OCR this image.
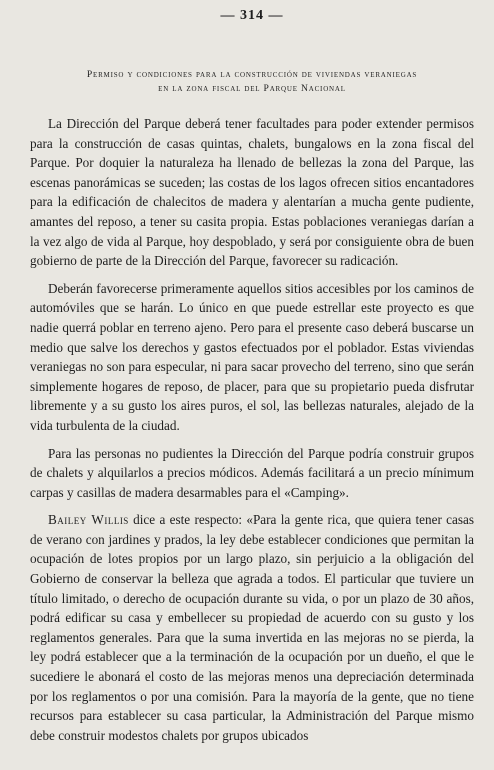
— 314 —
Permiso y condiciones para la construcción de viviendas veraniegas
en la zona fiscal del Parque Nacional

La Dirección del Parque deberá tener facultades para poder extender permisos para la construcción de casas quintas, chalets, bungalows en la zona fiscal del Parque. Por doquier la naturaleza ha llenado de bellezas la zona del Parque, las escenas panorámicas se suceden; las costas de los lagos ofrecen sitios encantadores para la edificación de chalecitos de madera y alentarían a mucha gente pudiente, amantes del reposo, a tener su casita propia. Estas poblaciones veraniegas darían a la vez algo de vida al Parque, hoy despoblado, y será por consiguiente obra de buen gobierno de parte de la Dirección del Parque, favorecer su radicación.

Deberán favorecerse primeramente aquellos sitios accesibles por los caminos de automóviles que se harán. Lo único en que puede estrellar este proyecto es que nadie querrá poblar en terreno ajeno. Pero para el presente caso deberá buscarse un medio que salve los derechos y gastos efectuados por el poblador. Estas viviendas veraniegas no son para especular, ni para sacar provecho del terreno, sino que serán simplemente hogares de reposo, de placer, para que su propietario pueda disfrutar libremente y a su gusto los aires puros, el sol, las bellezas naturales, alejado de la vida turbulenta de la ciudad.

Para las personas no pudientes la Dirección del Parque podría construir grupos de chalets y alquilarlos a precios módicos. Además facilitará a un precio mínimum carpas y casillas de madera desarmables para el «Camping».

Bailey Willis dice a este respecto: «Para la gente rica, que quiera tener casas de verano con jardines y prados, la ley debe establecer condiciones que permitan la ocupación de lotes propios por un largo plazo, sin perjuicio a la obligación del Gobierno de conservar la belleza que agrada a todos. El particular que tuviere un título limitado, o derecho de ocupación durante su vida, o por un plazo de 30 años, podrá edificar su casa y embellecer su propiedad de acuerdo con su gusto y los reglamentos generales. Para que la suma invertida en las mejoras no se pierda, la ley podrá establecer que a la terminación de la ocupación por un dueño, el que le sucediere le abonará el costo de las mejoras menos una depreciación determinada por los reglamentos o por una comisión. Para la mayoría de la gente, que no tiene recursos para establecer su casa particular, la Administración del Parque mismo debe construir modestos chalets por grupos ubicados
